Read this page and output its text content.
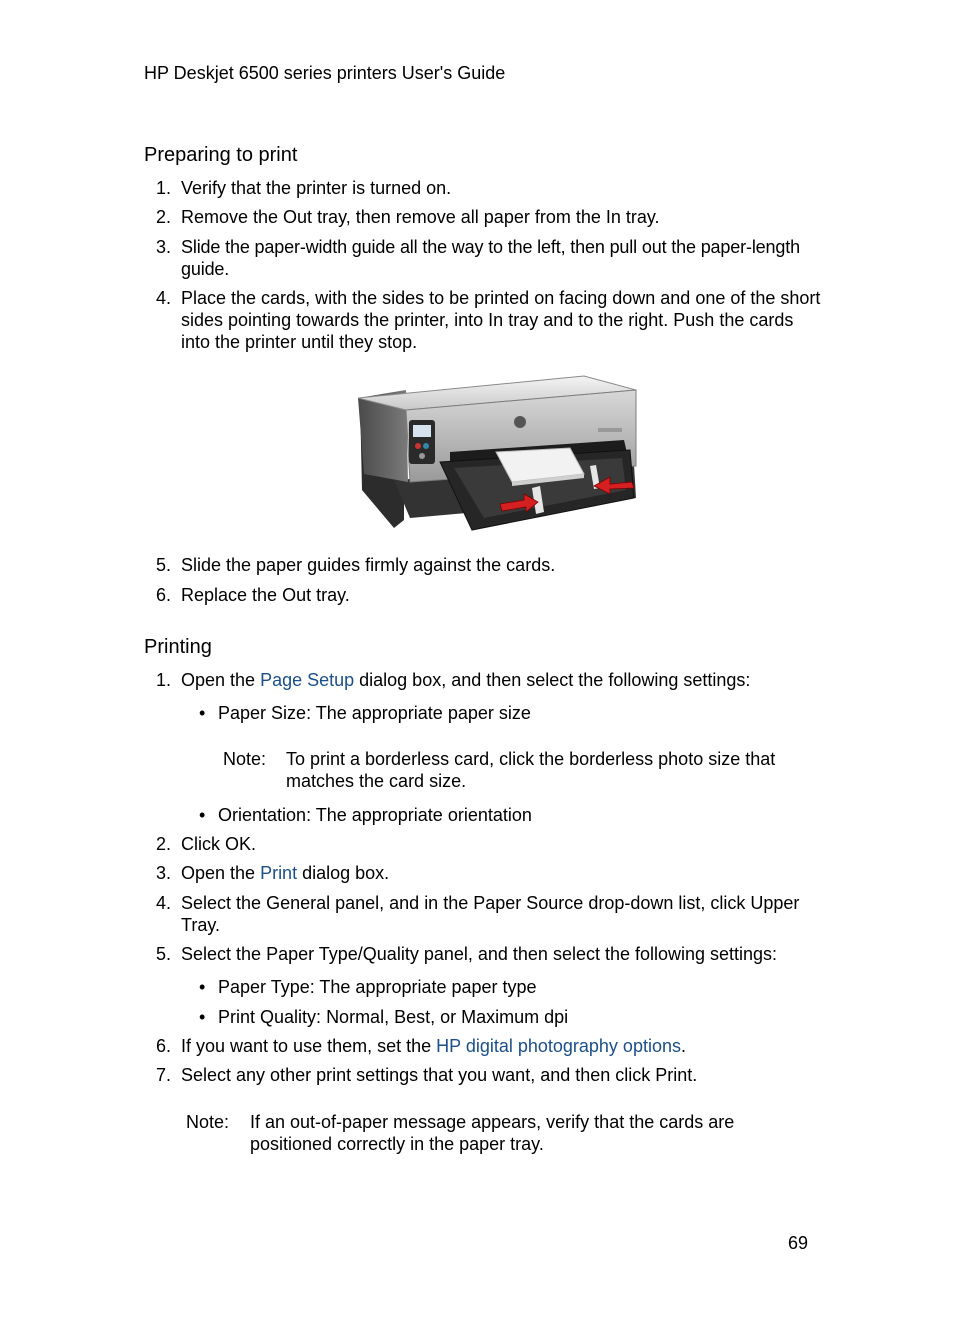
HP Deskjet 6500 series printers User's Guide
Preparing to print
1. Verify that the printer is turned on.
2. Remove the Out tray, then remove all paper from the In tray.
3. Slide the paper-width guide all the way to the left, then pull out the paper-length guide.
4. Place the cards, with the sides to be printed on facing down and one of the short sides pointing towards the printer, into In tray and to the right. Push the cards into the printer until they stop.
5. Slide the paper guides firmly against the cards.
6. Replace the Out tray.
Printing
1. Open the Page Setup dialog box, and then select the following settings:
• Paper Size: The appropriate paper size
Note: To print a borderless card, click the borderless photo size that matches the card size.
• Orientation: The appropriate orientation
2. Click OK.
3. Open the Print dialog box.
4. Select the General panel, and in the Paper Source drop-down list, click Upper Tray.
5. Select the Paper Type/Quality panel, and then select the following settings:
• Paper Type: The appropriate paper type
• Print Quality: Normal, Best, or Maximum dpi
6. If you want to use them, set the HP digital photography options.
7. Select any other print settings that you want, and then click Print.
Note: If an out-of-paper message appears, verify that the cards are positioned correctly in the paper tray.
69
